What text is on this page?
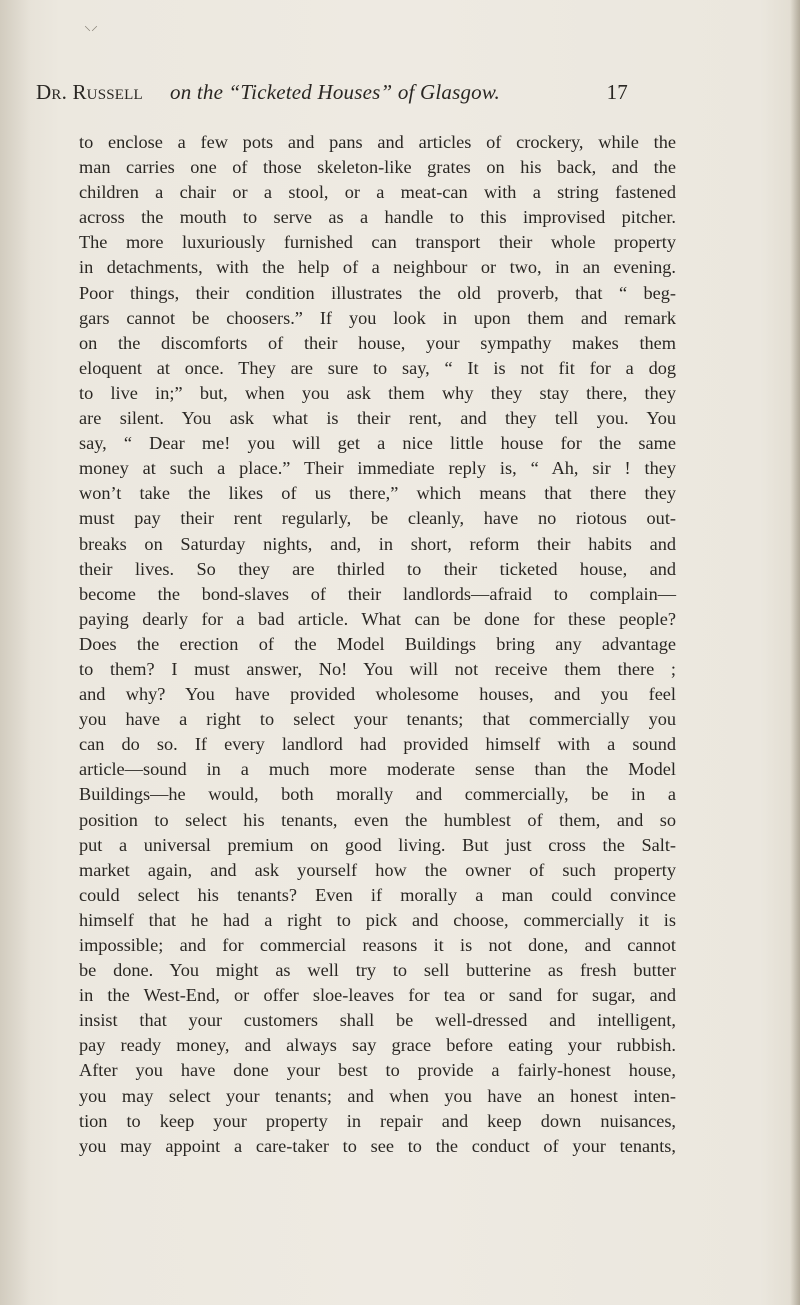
⸜⸝
Dr. Russell on the “Ticketed Houses” of Glasgow.	17
to enclose a few pots and pans and articles of crockery, while the
man carries one of those skeleton-like grates on his back, and the
children a chair or a stool, or a meat-can with a string fastened
across the mouth to serve as a handle to this improvised pitcher.
The more luxuriously furnished can transport their whole property
in detachments, with the help of a neighbour or two, in an evening.
Poor things, their condition illustrates the old proverb, that “ beg-
gars cannot be choosers.” If you look in upon them and remark
on the discomforts of their house, your sympathy makes them
eloquent at once. They are sure to say, “ It is not fit for a dog
to live in;” but, when you ask them why they stay there, they
are silent. You ask what is their rent, and they tell you. You
say, “ Dear me! you will get a nice little house for the same
money at such a place.” Their immediate reply is, “ Ah, sir ! they
won’t take the likes of us there,” which means that there they
must pay their rent regularly, be cleanly, have no riotous out-
breaks on Saturday nights, and, in short, reform their habits and
their lives. So they are thirled to their ticketed house, and
become the bond-slaves of their landlords—afraid to complain—
paying dearly for a bad article. What can be done for these people?
Does the erection of the Model Buildings bring any advantage
to them? I must answer, No! You will not receive them there ;
and why? You have provided wholesome houses, and you feel
you have a right to select your tenants; that commercially you
can do so. If every landlord had provided himself with a sound
article—sound in a much more moderate sense than the Model
Buildings—he would, both morally and commercially, be in a
position to select his tenants, even the humblest of them, and so
put a universal premium on good living. But just cross the Salt-
market again, and ask yourself how the owner of such property
could select his tenants? Even if morally a man could convince
himself that he had a right to pick and choose, commercially it is
impossible; and for commercial reasons it is not done, and cannot
be done. You might as well try to sell butterine as fresh butter
in the West-End, or offer sloe-leaves for tea or sand for sugar, and
insist that your customers shall be well-dressed and intelligent,
pay ready money, and always say grace before eating your rubbish.
After you have done your best to provide a fairly-honest house,
you may select your tenants; and when you have an honest inten-
tion to keep your property in repair and keep down nuisances,
you may appoint a care-taker to see to the conduct of your tenants,
